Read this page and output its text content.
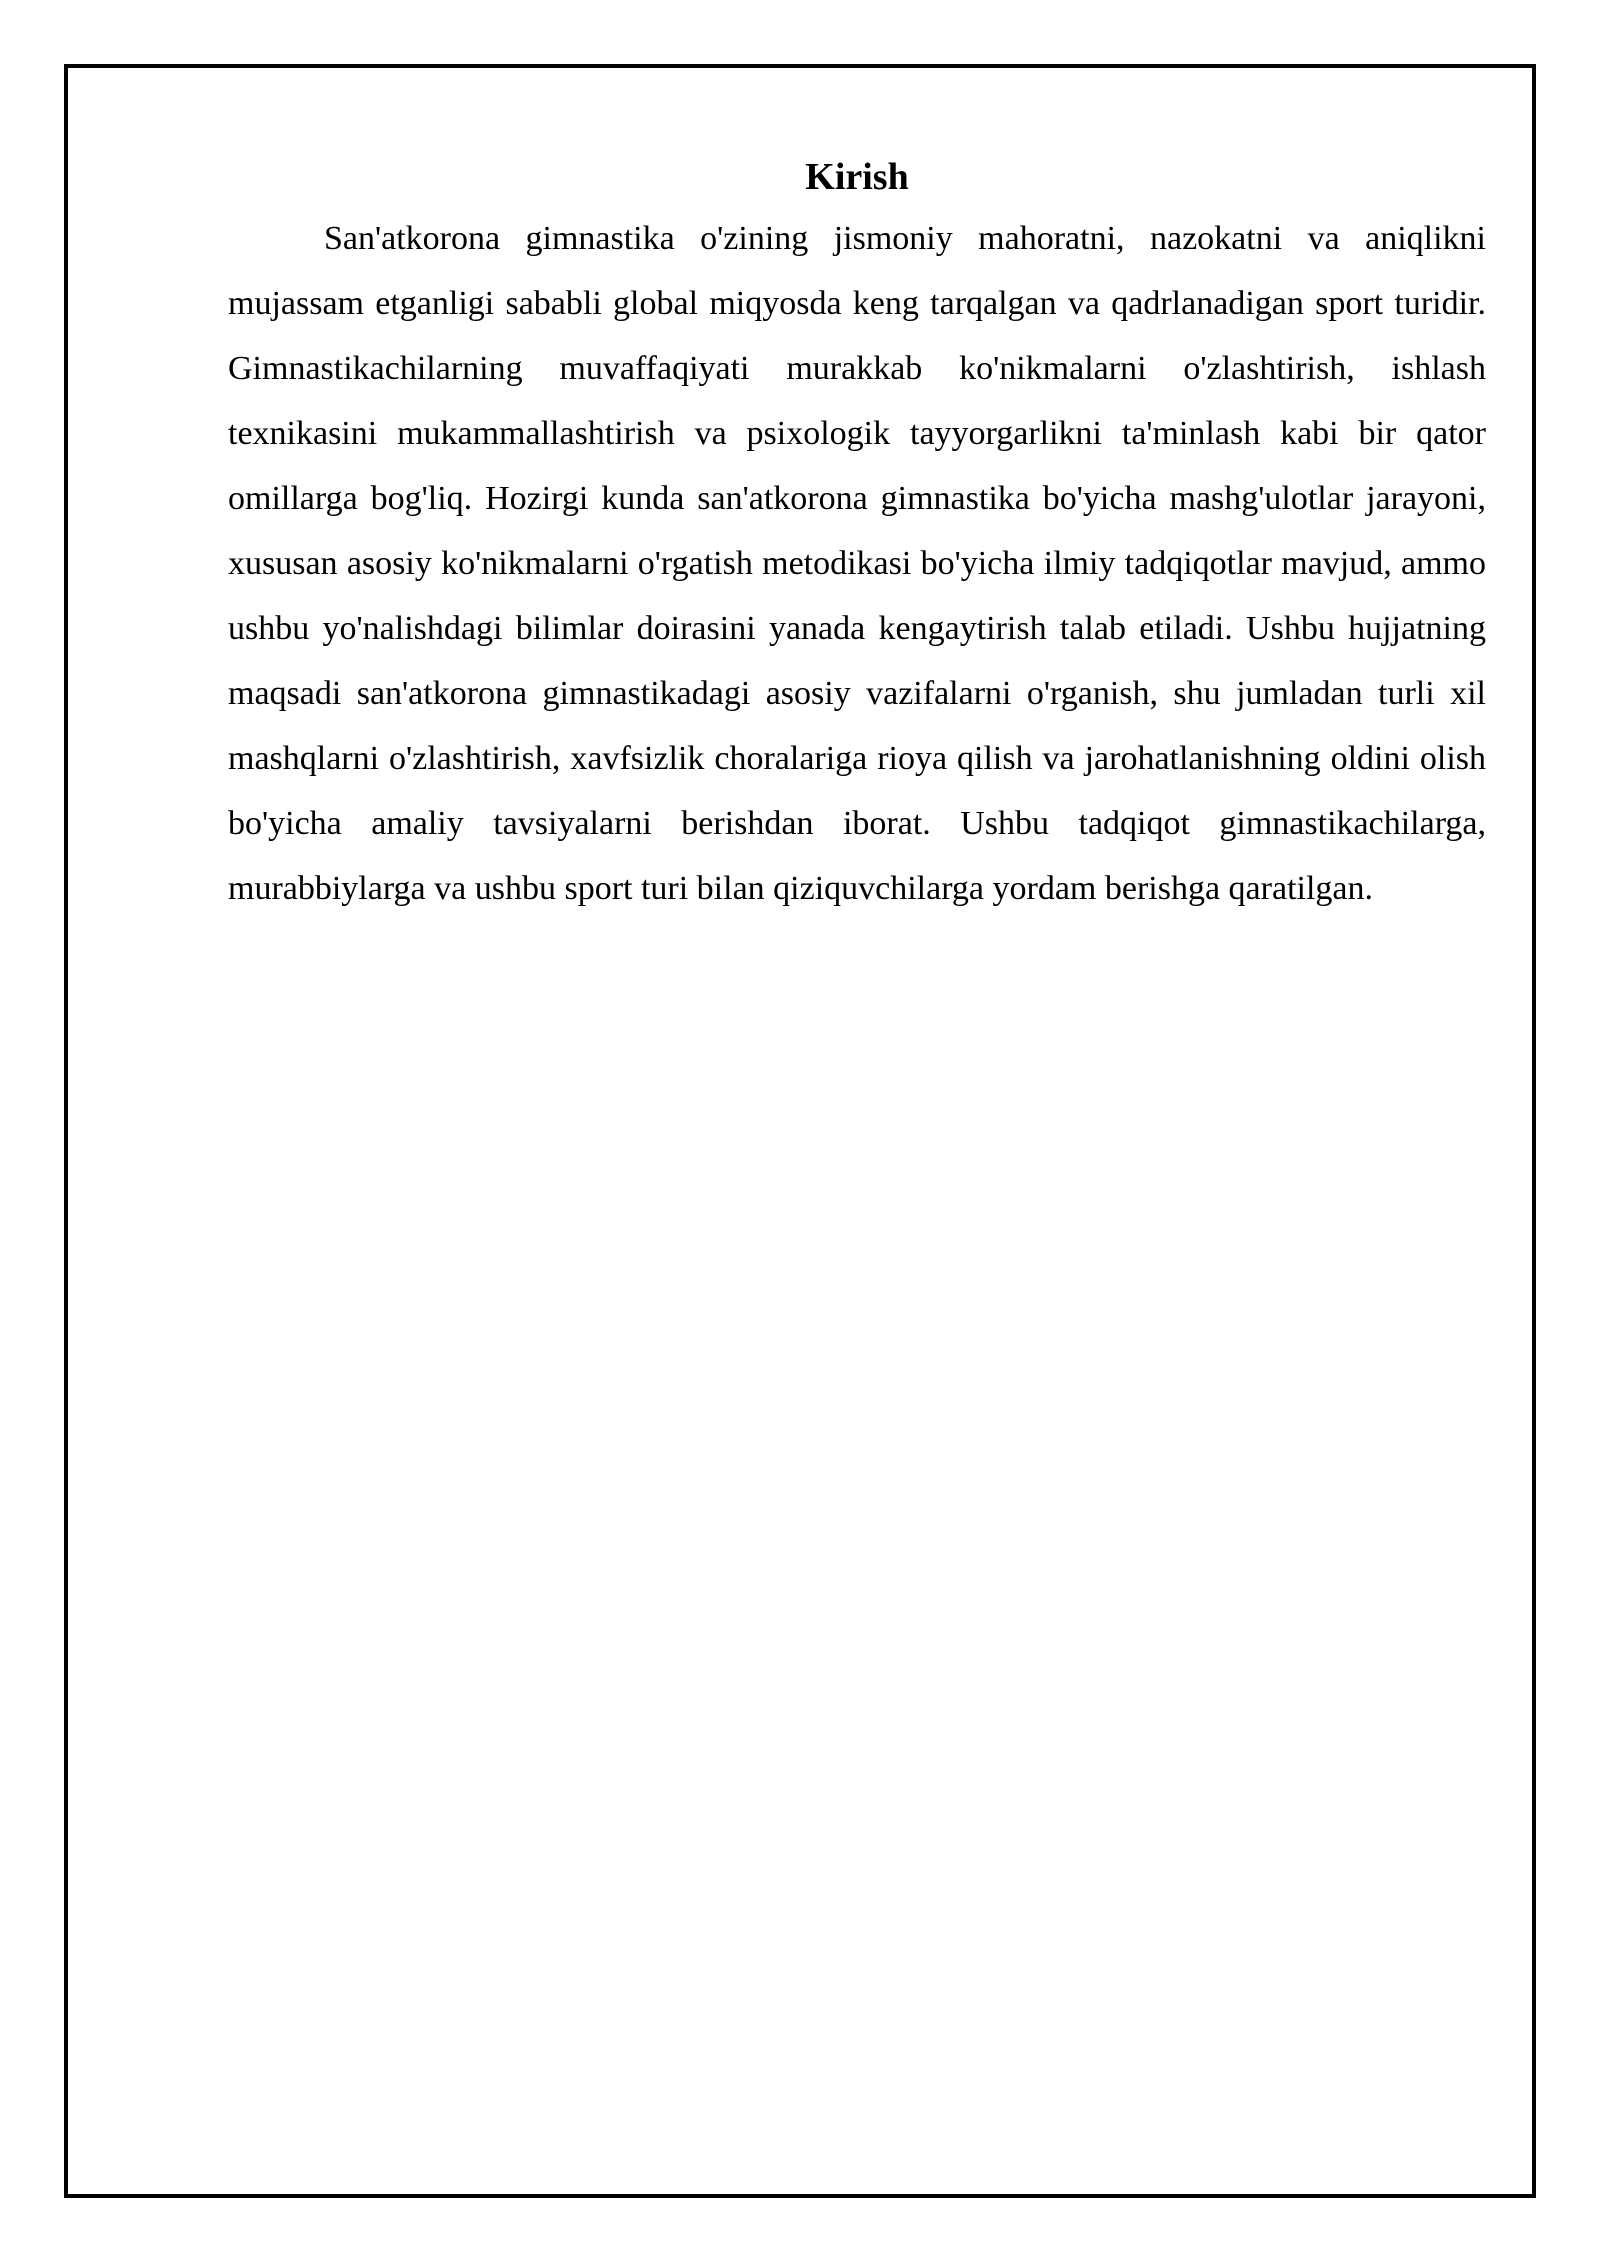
Kirish

San'atkorona gimnastika o'zining jismoniy mahoratni, nazokatni va aniqlikni mujassam etganligi sababli global miqyosda keng tarqalgan va qadrlanadigan sport turidir. Gimnastikachilarning muvaffaqiyati murakkab ko'nikmalarni o'zlashtirish, ishlash texnikasini mukammallashtirish va psixologik tayyorgarlikni ta'minlash kabi bir qator omillarga bog'liq. Hozirgi kunda san'atkorona gimnastika bo'yicha mashg'ulotlar jarayoni, xususan asosiy ko'nikmalarni o'rgatish metodikasi bo'yicha ilmiy tadqiqotlar mavjud, ammo ushbu yo'nalishdagi bilimlar doirasini yanada kengaytirish talab etiladi. Ushbu hujjatning maqsadi san'atkorona gimnastikadagi asosiy vazifalarni o'rganish, shu jumladan turli xil mashqlarni o'zlashtirish, xavfsizlik choralariga rioya qilish va jarohatlanishning oldini olish bo'yicha amaliy tavsiyalarni berishdan iborat. Ushbu tadqiqot gimnastikachilarga, murabbiylarga va ushbu sport turi bilan qiziquvchilarga yordam berishga qaratilgan.
